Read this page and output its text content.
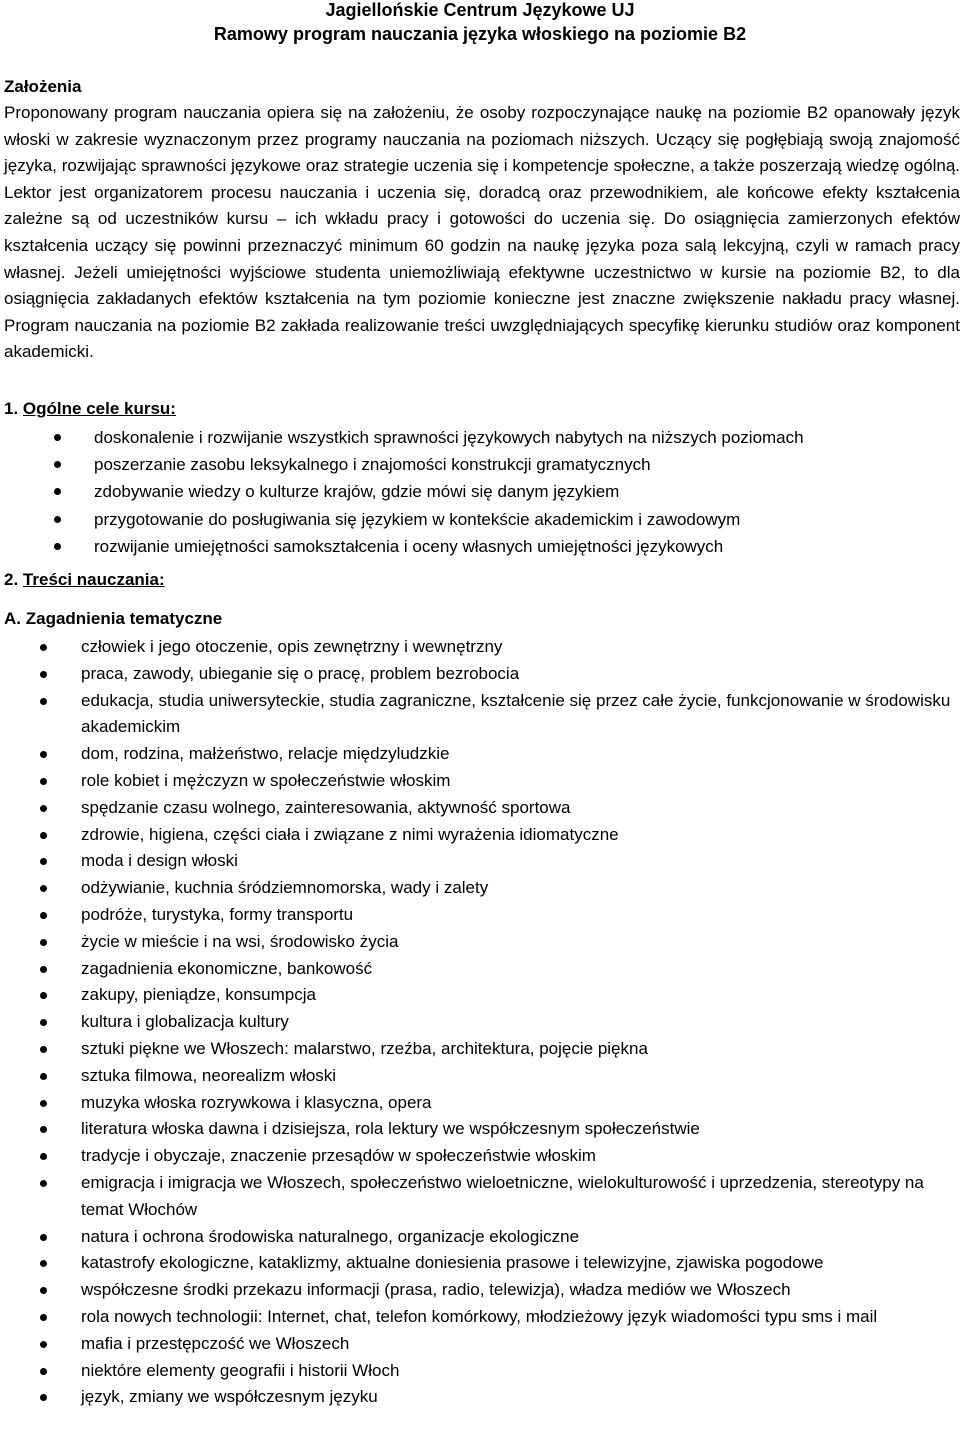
Jagiellońskie Centrum Językowe UJ
Ramowy program nauczania języka włoskiego na poziomie B2
Założenia

Proponowany program nauczania opiera się na założeniu, że osoby rozpoczynające naukę na poziomie B2 opanowały język włoski w zakresie wyznaczonym przez programy nauczania na poziomach niższych. Uczący się pogłębiają swoją znajomość języka, rozwijając sprawności językowe oraz strategie uczenia się i kompetencje społeczne, a także poszerzają wiedzę ogólną. Lektor jest organizatorem procesu nauczania i uczenia się, doradcą oraz przewodnikiem, ale końcowe efekty kształcenia zależne są od uczestników kursu – ich wkładu pracy i gotowości do uczenia się. Do osiągnięcia zamierzonych efektów kształcenia uczący się powinni przeznaczyć minimum 60 godzin na naukę języka poza salą lekcyjną, czyli w ramach pracy własnej. Jeżeli umiejętności wyjściowe studenta uniemożliwiają efektywne uczestnictwo w kursie na poziomie B2, to dla osiągnięcia zakładanych efektów kształcenia na tym poziomie konieczne jest znaczne zwiększenie nakładu pracy własnej. Program nauczania na poziomie B2 zakłada realizowanie treści uwzględniających specyfikę kierunku studiów oraz komponent akademicki.

1. Ogólne cele kursu:
doskonalenie i rozwijanie wszystkich sprawności językowych nabytych na niższych poziomach
poszerzanie zasobu leksykalnego i znajomości konstrukcji gramatycznych
zdobywanie wiedzy o kulturze krajów, gdzie mówi się danym językiem
przygotowanie do posługiwania się językiem w kontekście akademickim i zawodowym
rozwijanie umiejętności samokształcenia i oceny własnych umiejętności językowych
2. Treści nauczania:
A. Zagadnienia tematyczne
człowiek i jego otoczenie, opis zewnętrzny i wewnętrzny
praca, zawody, ubieganie się o pracę, problem bezrobocia
edukacja, studia uniwersyteckie, studia zagraniczne, kształcenie się przez całe życie, funkcjonowanie w środowisku akademickim
dom, rodzina, małżeństwo, relacje międzyludzkie
role kobiet i mężczyzn w społeczeństwie włoskim
spędzanie czasu wolnego, zainteresowania, aktywność sportowa
zdrowie, higiena, części ciała i związane z nimi wyrażenia idiomatyczne
moda i design włoski
odżywianie, kuchnia śródziemnomorska, wady i zalety
podróże, turystyka, formy transportu
życie w mieście i na wsi, środowisko życia
zagadnienia ekonomiczne, bankowość
zakupy, pieniądze, konsumpcja
kultura i globalizacja kultury
sztuki piękne we Włoszech: malarstwo, rzeźba, architektura, pojęcie piękna
sztuka filmowa, neorealizm włoski
muzyka włoska rozrywkowa i klasyczna, opera
literatura włoska dawna i dzisiejsza, rola lektury we współczesnym społeczeństwie
tradycje i obyczaje, znaczenie przesądów w społeczeństwie włoskim
emigracja i imigracja we Włoszech, społeczeństwo wieloetniczne, wielokulturowość i uprzedzenia, stereotypy na temat Włochów
natura i ochrona środowiska naturalnego, organizacje ekologiczne
katastrofy ekologiczne, kataklizmy, aktualne doniesienia prasowe i telewizyjne, zjawiska pogodowe
współczesne środki przekazu informacji (prasa, radio, telewizja), władza mediów we Włoszech
rola nowych technologii: Internet, chat, telefon komórkowy, młodzieżowy język wiadomości typu sms i mail
mafia i przestępczość we Włoszech
niektóre elementy geografii i historii Włoch
język, zmiany we współczesnym języku
